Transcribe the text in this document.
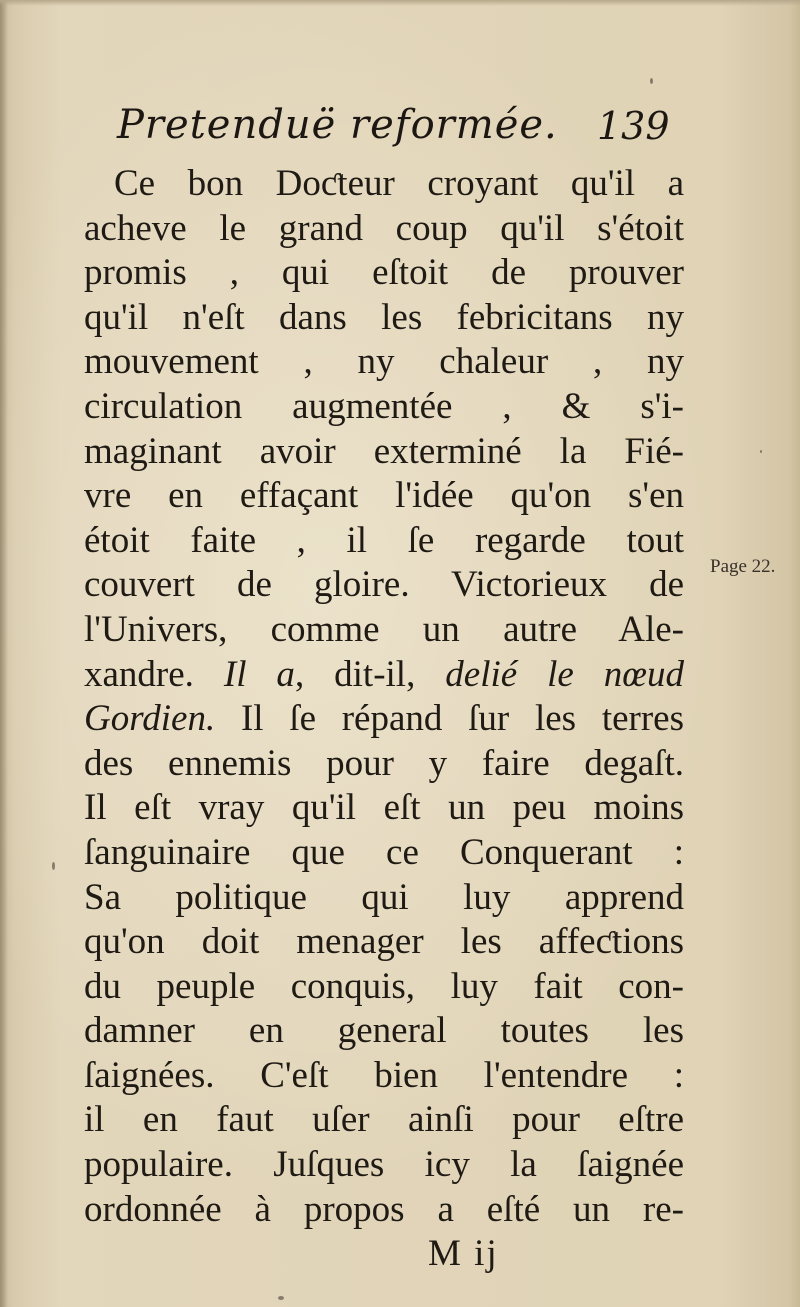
Pretenduë reformée. 139
Ce bon Doƈteur croyant qu'il a
acheve le grand coup qu'il s'étoit
promis , qui eſtoit de prouver
qu'il n'eſt dans les febricitans ny
mouvement , ny chaleur , ny
circulation augmentée , & s'i-
maginant avoir exterminé la Fié-
vre en effaçant l'idée qu'on s'en
étoit faite , il ſe regarde tout
couvert de gloire. Victorieux de
l'Univers, comme un autre Ale-
xandre. Il a, dit-il, delié le nœud
Gordien. Il ſe répand ſur les terres
des ennemis pour y faire degaſt.
Il eſt vray qu'il eſt un peu moins
ſanguinaire que ce Conquerant :
Sa politique qui luy apprend
qu'on doit menager les affeƈtions
du peuple conquis, luy fait con-
damner en general toutes les
ſaignées. C'eſt bien l'entendre :
il en faut uſer ainſi pour eſtre
populaire. Juſques icy la ſaignée
ordonnée à propos a eſté un re-
Page 22.
M ij
